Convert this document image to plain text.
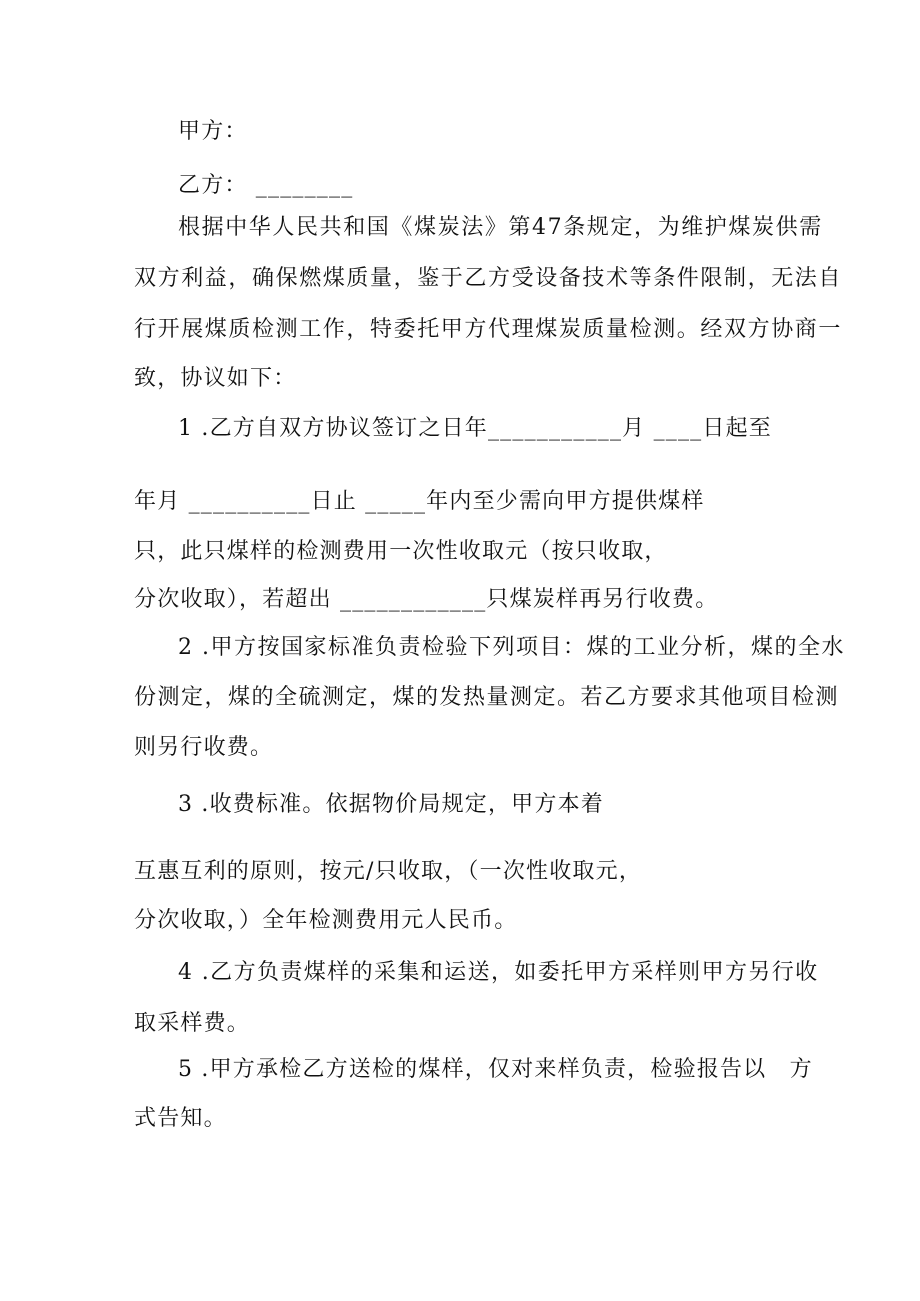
甲方：
乙方： ________
根据中华人民共和国《煤炭法》第47条规定，为维护煤炭供需
双方利益，确保燃煤质量，鉴于乙方受设备技术等条件限制，无法自
行开展煤质检测工作，特委托甲方代理煤炭质量检测。经双方协商一
致，协议如下：
1 .乙方自双方协议签订之日年___________月 ____日起至
年月 __________日止 _____年内至少需向甲方提供煤样
只，此只煤样的检测费用一次性收取元（按只收取，
分次收取），若超出 ____________只煤炭样再另行收费。
2 .甲方按国家标准负责检验下列项目：煤的工业分析，煤的全水
份测定，煤的全硫测定，煤的发热量测定。若乙方要求其他项目检测
则另行收费。
3 .收费标准。依据物价局规定，甲方本着
互惠互利的原则，按元/只收取，（一次性收取元，
分次收取，）全年检测费用元人民币。
4 .乙方负责煤样的采集和运送，如委托甲方采样则甲方另行收
取采样费。
5 .甲方承检乙方送检的煤样，仅对来样负责，检验报告以　方
式告知。
